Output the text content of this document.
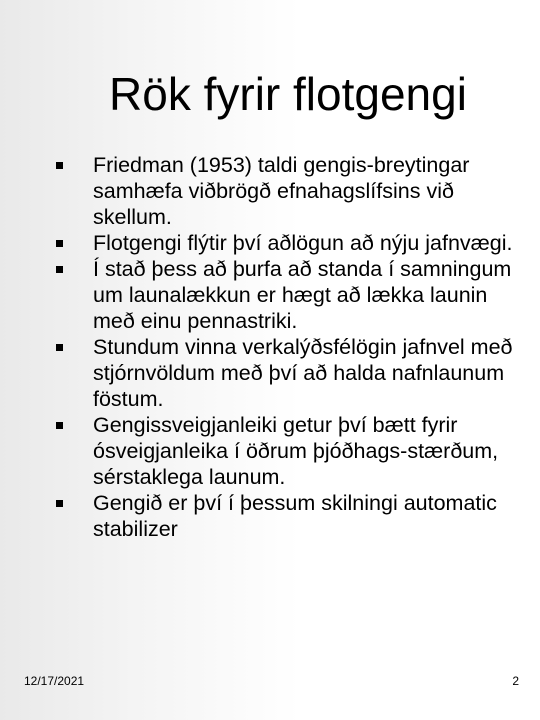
Rök fyrir flotgengi
Friedman (1953) taldi gengis-breytingar samhæfa viðbrögð efnahagslífsins við skellum.
Flotgengi flýtir því aðlögun að nýju jafnvægi.
Í stað þess að þurfa að standa í samningum um launalækkun er hægt að lækka launin með einu pennastriki.
Stundum vinna verkalýðsfélögin jafnvel með stjórnvöldum með því að halda nafnlaunum föstum.
Gengissveigjanleiki getur því bætt fyrir ósveigjanleika í öðrum þjóðhags-stærðum, sérstaklega launum.
Gengið er því í þessum skilningi automatic stabilizer
12/17/2021	2
